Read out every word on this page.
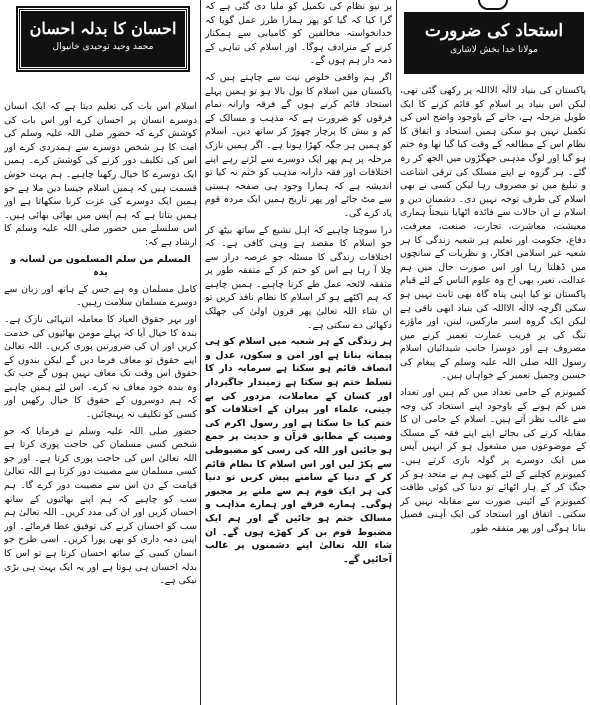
استحاد کی ضرورت
مولانا خدا بخش لاشاری

پاکستان کی بنیاد لاالٰہ الااللہ پر رکھی گئی تھی، لیکن اس بنیاد پر اسلام کو قائم کرنے کا ایک طویل مرحلہ ہے، جانے کے باوجود واضح اس کی تکمیل نہیں ہو سکی ہمیں استحاد و اتفاق کا نظام اس کے مطالعہ کے وقت کیا گیا تھا وہ ختم ہو گیا اور لوگ مذہبی جھگڑوں میں الجھ کر رہ گئے۔ ہر گروہ نے اپنے مسلک کی ترقی اشاعت و تبلیغ میں تو مصروف رہا لیکن کسی نے بھی اسلام کی طرف توجہ نہیں دی۔ دشمنان دین و اسلام نے ان حالات سے فائدہ اٹھایا نتیجتاً ہماری معیشت، معاشرت، تجارت، صنعت، معرفت، دفاع، حکومت اور تعلیم ہر شعبہ زندگی کا ہر شعبہ غیر اسلامی افکار، و نظریات کے سانچوں میں ڈھلتا رہا اور اس صورت حال میں ہم عدالت، تعیر، بھی آج وہ علوم الناس کے لئے قیام پاکستان تو کیا اپنی پناہ گاہ بھی ثابت نہیں ہو سکی اگرچہ لاالٰہ الااللہ کی بنیاد ابھی باقی ہے لیکن ایک گروہ اسیر مارکس، لینن، اور ماؤزے تنگ کی پر فریب عمارت تعمیر کرنے میں مصروف ہے اور دوسرا جانب شیدائیان اسلام رسول اللہ صلی اللہ علیہ وسلم کے پیغام کی حسین وجمیل تعمیر کے خواہاں ہیں۔

کمیونزم کے حامی تعداد میں کم ہیں اور تعداد میں کم ہونے کے باوجود اپنے استحاد کی وجہ سے غالب نظر آتے ہیں۔ اسلام کے حامی ان کا مقابلہ کرنے کی بجائے اپنے اپنے فقہ کے مسلک کے موضوعوں میں مشغول ہو کر انہیں آپس میں ایک دوسرے پر گولہ باری کرتے ہیں۔ کمیونزم کچلنے کے لئے کبھی ہم نے متحد ہو کر جنگ کر کے ہار اٹھائے تو دنیا کی کوئی طاقت کمیونزم کے آئینی صورت سے مقابلہ نہیں کر سکتی۔ اتفاق اور استحاد کی ایک آہنی فصیل بنانا ہوگی اور پھر متفقہ طور

پر نیو نظام کی تکمیل کو ملیا دی گئی ہے کہ گرا کیا کہ گیا کو پھر ہمارا طرز عمل گویا کہ خدانخواستہ مخالفین کو کامیابی سے ہمکنار کرنے کے مترادف ہوگا۔ اور اسلام کی تباہی کے ذمہ دار ہم ہوں گے۔

اگر ہم واقعی خلوص نیت سے چاہتے ہیں کہ پاکستان میں اسلام کا بول بالا ہو تو ہمیں پہلے استحاد قائم کرنے ہوں گے فرقہ وارانہ تمام فرقوں کو ضرورت ہے کہ مذہب و مسالک کے کم و بیش کا پرچار چھوڑ کر ساتھ دیں۔ اسلام کو ہمیں ہر جگہ کھڑا ہونا ہے۔ اگر ہمیں نازک مرحلہ پر ہم پھر ایک دوسرے سے لڑتے رہے اپنے اختلافات اور فقہ دارانہ مذہب کو ختم نہ کیا تو اندیشہ ہے کہ ہمارا وجود ہی صفحہ ہستی سے مٹ جائے اور پھر تاریخ ہمیں ایک مردہ قوم یاد کرے گی۔

ذرا سوچنا چاہیے کہ اہل تشیع کے ساتھ بیٹھ کر جو اسلام کا مقصد ہے وہی کافی ہے۔ کہ اختلافات زندگی کا مسئلہ جو عرصہ دراز سے چلا آ رہا ہے اس کو ختم کر کے متفقہ طور پر متفقہ لائحہ عمل طے کرنا چاہیے۔ ہمیں چاہیے کہ ہم اکٹھے ہو کر اسلام کا نظام نافذ کریں تو ان شاء اللہ تعالیٰ پھر قرون اولیٰ کی جھلک دکھائی دے سکتی ہے۔

ہر زندگی کے ہر شعبہ میں اسلام کو ہی پیمانہ بنانا ہے اور امن و سکون، عدل و انصاف قائم ہو سکتا ہے سرمایہ دار کا تسلط ختم ہو سکتا ہے زمیندار جاگیردار اور کسان کے معاملات، مزدور کی بے چینی، علماء اور پیران کے اختلافات کو ختم کیا جا سکتا ہے اور رسول اکرم کی وصیت کے مطابق قرآن و حدیث پر جمع ہو جائیں اور اللہ کی رسی کو مضبوطی سے پکڑ لیں اور اس اسلام کا نظام قائم کر کے دنیا کے سامنے پیش کریں تو دنیا کی ہر ایک قوم ہم سے ملنے پر مجبور ہوگی۔ ہمارے فرقے اور ہمارے مذاہب و مسالک ختم ہو جائیں گے اور ہم ایک مضبوط قوم بن کر کھڑے ہوں گے۔ ان شاء اللہ تعالیٰ اپنے دشمنوں پر غالب آجائیں گے۔

احسان کا بدلہ احسان
محمد وحید توحیدی خانیوال

اسلام اس بات کی تعلیم دیتا ہے کہ ایک انسان دوسرے انسان پر احسان کرے اور اس بات کی کوشش کرے کہ حضور صلی اللہ علیہ وسلم کی امت کا ہر شخص دوسرے سے ہمدردی کرے اور اس کی تکلیف دور کرنے کی کوشش کرے۔ ہمیں ایک دوسرے کا خیال رکھنا چاہیے۔ ہم بہت خوش قسمت ہیں کہ ہمیں اسلام جیسا دین ملا ہے جو ہمیں ایک دوسرے کی عزت کرنا سکھاتا ہے اور ہمیں بتاتا ہے کہ ہم آپس میں بھائی بھائی ہیں۔ اس سلسلے میں حضور صلی اللہ علیہ وسلم کا ارشاد ہے کہ:

المسلم من سلم المسلمون من لسانہ و یدہ

کامل مسلمان وہ ہے جس کے ہاتھ اور زبان سے دوسرے مسلمان سلامت رہیں۔

اور بہر حقوق العباد کا معاملہ انتہائی نازک ہے۔ بندہ کا خیال آیا کہ پہلے مومن بھائیوں کی خدمت کریں اور ان کی ضرورتیں پوری کریں۔ اللہ تعالیٰ اپنے حقوق تو معاف فرما دیں گے لیکن بندوں کے حقوق اس وقت تک معاف نہیں ہوں گے جب تک وہ بندہ خود معاف نہ کرے۔ اس لئے ہمیں چاہیے کہ ہم دوسروں کے حقوق کا خیال رکھیں اور کسی کو تکلیف نہ پہنچائیں۔

حضور صلی اللہ علیہ وسلم نے فرمایا کہ جو شخص کسی مسلمان کی حاجت پوری کرتا ہے اللہ تعالیٰ اس کی حاجت پوری کرتا ہے۔ اور جو کسی مسلمان سے مصیبت دور کرتا ہے اللہ تعالیٰ قیامت کے دن اس سے مصیبت دور کرے گا۔ ہم سب کو چاہیے کہ ہم اپنے بھائیوں کے ساتھ احسان کریں اور ان کی مدد کریں۔ اللہ تعالیٰ ہم سب کو احسان کرنے کی توفیق عطا فرمائے۔ اور اپنی ذمہ داری کو بھی پورا کریں۔ اسی طرح جو انسان کسی کے ساتھ احسان کرتا ہے تو اس کا بدلہ احسان ہی ہوتا ہے اور یہ ایک بہت ہی بڑی نیکی ہے۔
